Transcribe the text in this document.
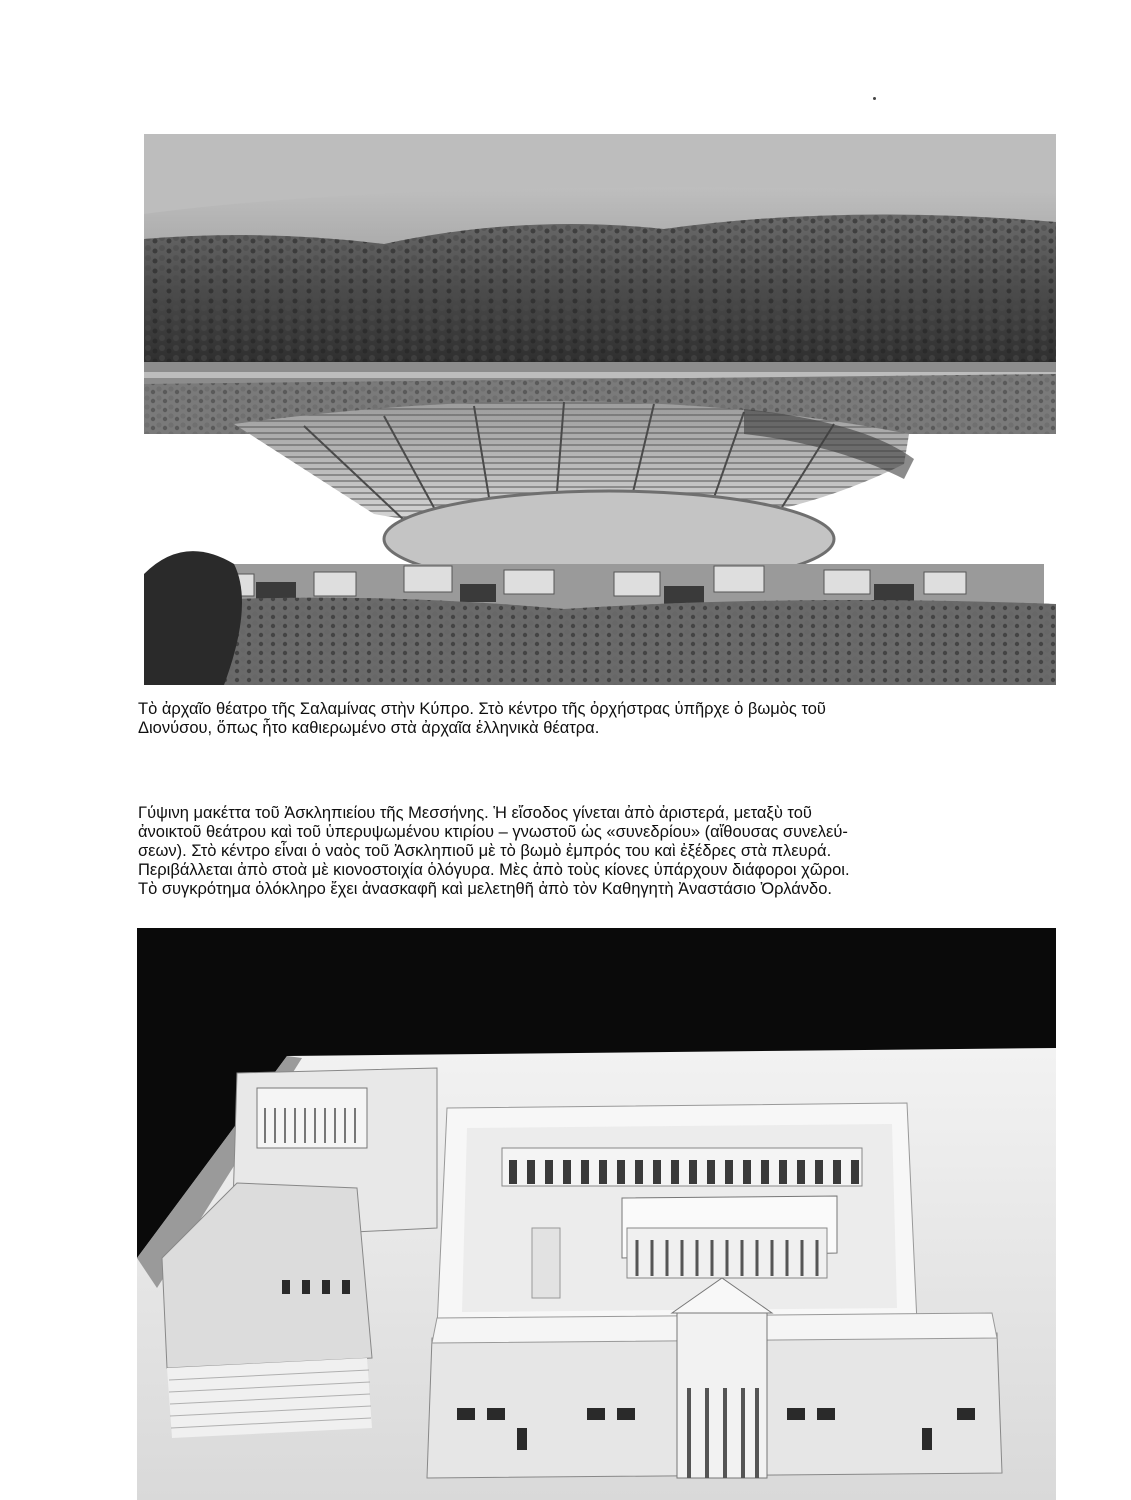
Τὸ ἀρχαῖο θέατρο τῆς Σαλαμίνας στὴν Κύπρο. Στὸ κέντρο τῆς ὀρχήστρας ὑπῆρχε ὁ βωμὸς τοῦ

Διονύσου, ὅπως ἦτο καθιερωμένο στὰ ἀρχαῖα ἑλληνικὰ θέατρα.

Γύψινη μακέττα τοῦ Ἀσκληπιείου τῆς Μεσσήνης. Ἡ εἴσοδος γίνεται ἀπὸ ἀριστερά, μεταξὺ τοῦ

ἀνοικτοῦ θεάτρου καὶ τοῦ ὑπερυψωμένου κτιρίου – γνωστοῦ ὡς «συνεδρίου» (αἴθουσας συνελεύ-

σεων). Στὸ κέντρο εἶναι ὁ ναὸς τοῦ Ἀσκληπιοῦ μὲ τὸ βωμὸ ἐμπρός του καὶ ἐξέδρες στὰ πλευρά.

Περιβάλλεται ἀπὸ στοὰ μὲ κιονοστοιχία ὁλόγυρα. Μὲς ἀπὸ τοὺς κίονες ὑπάρχουν διάφοροι χῶροι.

Τὸ συγκρότημα ὁλόκληρο ἔχει ἀνασκαφῆ καὶ μελετηθῆ ἀπὸ τὸν Καθηγητὴ Ἀναστάσιο Ὀρλάνδο.
